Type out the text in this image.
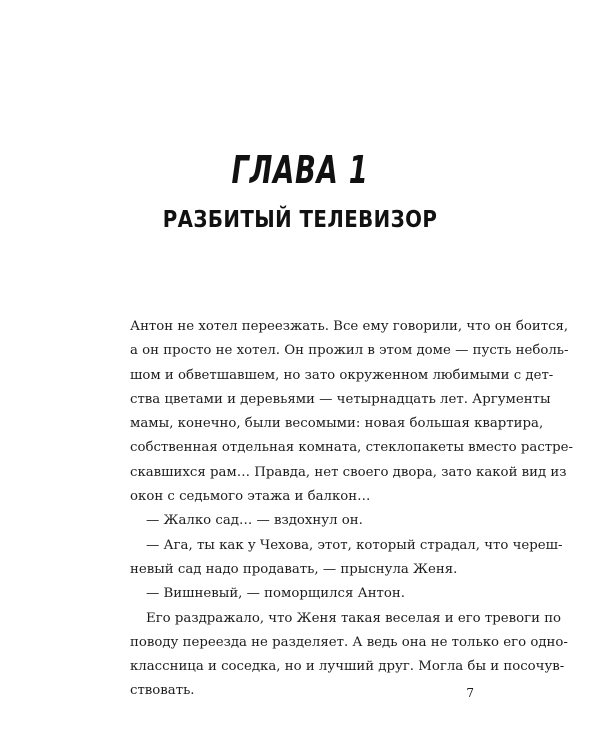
ГЛАВА 1
РАЗБИТЫЙ ТЕЛЕВИЗОР
Антон не хотел переезжать. Все ему говорили, что он боится,
а он просто не хотел. Он прожил в этом доме — пусть неболь-
шом и обветшавшем, но зато окруженном любимыми с дет-
ства цветами и деревьями — четырнадцать лет. Аргументы
мамы, конечно, были весомыми: новая большая квартира,
собственная отдельная комната, стеклопакеты вместо растре-
скавшихся рам… Правда, нет своего двора, зато какой вид из
окон с седьмого этажа и балкон…
— Жалко сад… — вздохнул он.
— Ага, ты как у Чехова, этот, который страдал, что череш-
невый сад надо продавать, — прыснула Женя.
— Вишневый, — поморщился Антон.
Его раздражало, что Женя такая веселая и его тревоги по
поводу переезда не разделяет. А ведь она не только его одно-
классница и соседка, но и лучший друг. Могла бы и посочув-
ствовать.	7
